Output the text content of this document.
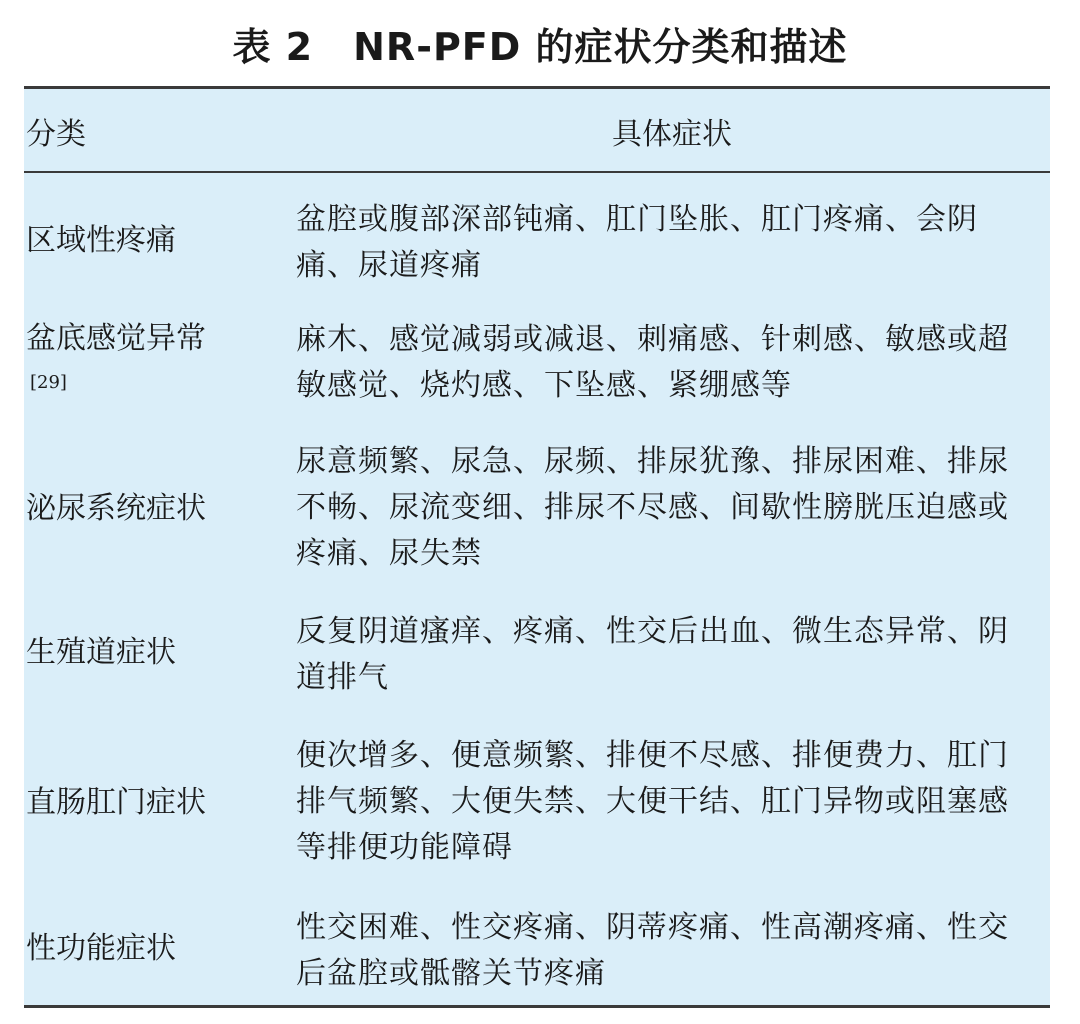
表 2 NR-PFD 的症状分类和描述
分类	具体症状
区域性疼痛
盆腔或腹部深部钝痛、肛门坠胀、肛门疼痛、会阴痛、尿道疼痛
盆底感觉异常[29]
麻木、感觉减弱或减退、刺痛感、针刺感、敏感或超敏感觉、烧灼感、下坠感、紧绷感等
泌尿系统症状
尿意频繁、尿急、尿频、排尿犹豫、排尿困难、排尿不畅、尿流变细、排尿不尽感、间歇性膀胱压迫感或疼痛、尿失禁
生殖道症状
反复阴道瘙痒、疼痛、性交后出血、微生态异常、阴道排气
直肠肛门症状
便次增多、便意频繁、排便不尽感、排便费力、肛门排气频繁、大便失禁、大便干结、肛门异物或阻塞感等排便功能障碍
性功能症状
性交困难、性交疼痛、阴蒂疼痛、性高潮疼痛、性交后盆腔或骶髂关节疼痛
